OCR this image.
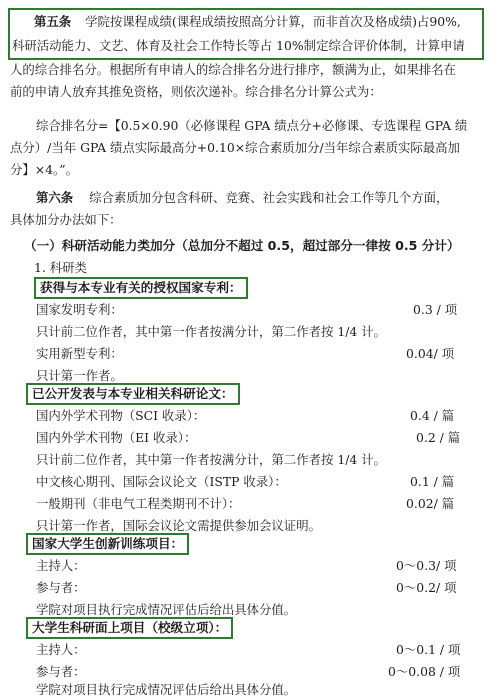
第五条 学院按课程成绩(课程成绩按照高分计算，而非首次及格成绩)占90%,
科研活动能力、文艺、体育及社会工作特长等占 10%制定综合评价体制，计算申请
人的综合排名分。根据所有申请人的综合排名分进行排序，额满为止，如果排名在
前的申请人放弃其推免资格，则依次递补。综合排名分计算公式为：
综合排名分=【0.5×0.90（必修课程 GPA 绩点分+必修课、专选课程 GPA 绩
点分）/当年 GPA 绩点实际最高分+0.10×综合素质加分/当年综合素质实际最高加
分】×4。”。
第六条 综合素质加分包含科研、竞赛、社会实践和社会工作等几个方面，
具体加分办法如下：
（一）科研活动能力类加分（总加分不超过 0.5，超过部分一律按 0.5 分计）
1. 科研类
获得与本专业有关的授权国家专利：
国家发明专利：	0.3 / 项
只计前二位作者，其中第一作者按满分计，第二作者按 1/4 计。
实用新型专利：	0.04/ 项
只计第一作者。
已公开发表与本专业相关科研论文：
国内外学术刊物（SCI 收录）：	0.4 / 篇
国内外学术刊物（EI 收录）：	0.2 / 篇
只计前二位作者，其中第一作者按满分计，第二作者按 1/4 计。
中文核心期刊、国际会议论文（ISTP 收录）：	0.1 / 篇
一般期刊（非电气工程类期刊不计）：	0.02/ 篇
只计第一作者，国际会议论文需提供参加会议证明。
国家大学生创新训练项目：
主持人：	0～0.3/ 项
参与者：	0～0.2/ 项
学院对项目执行完成情况评估后给出具体分值。
大学生科研面上项目（校级立项）：
主持人：	0～0.1 / 项
参与者：	0～0.08 / 项
学院对项目执行完成情况评估后给出具体分值。
